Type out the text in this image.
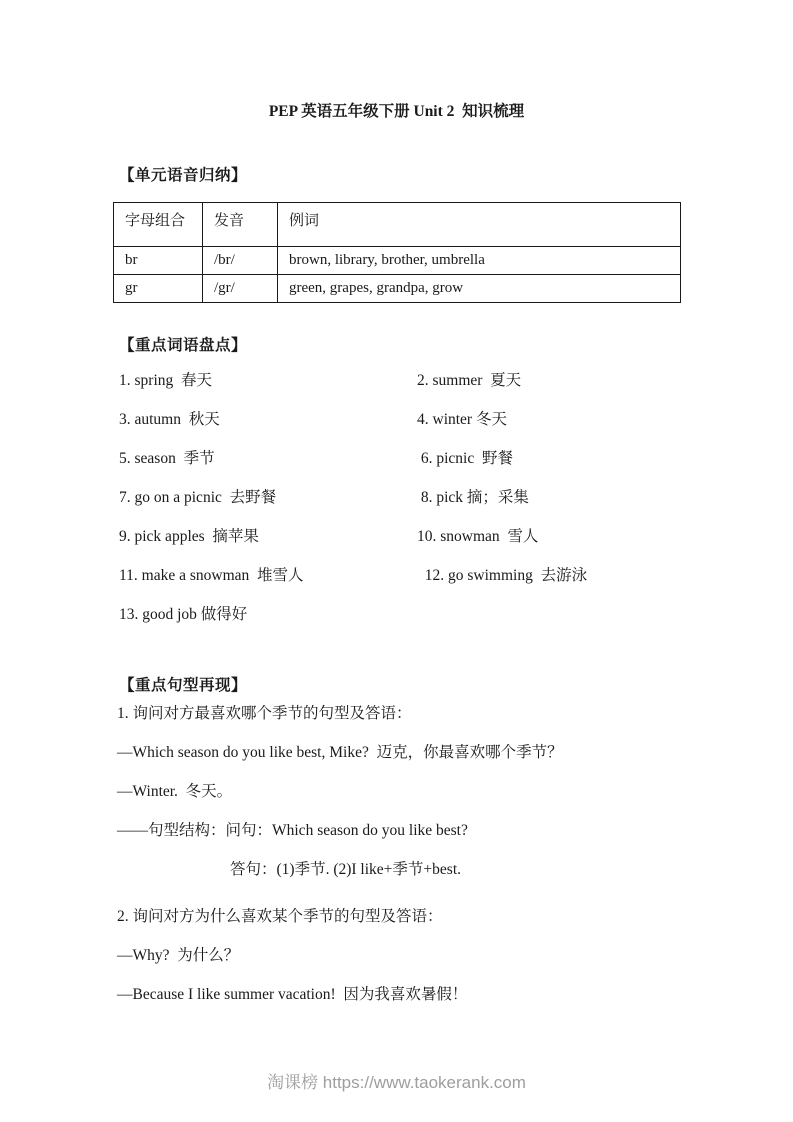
PEP 英语五年级下册 Unit 2  知识梳理
【单元语音归纳】
字母组合	发音	例词
br	/br/	brown, library, brother, umbrella
gr	/gr/	green, grapes, grandpa, grow
【重点词语盘点】
1. spring  春天	2. summer  夏天
3. autumn  秋天	4. winter 冬天
5. season  季节	6. picnic  野餐
7. go on a picnic  去野餐	8. pick 摘；采集
9. pick apples  摘苹果	10. snowman  雪人
11. make a snowman  堆雪人	12. go swimming  去游泳
13. good job 做得好
【重点句型再现】

1. 询问对方最喜欢哪个季节的句型及答语：

—Which season do you like best, Mike?  迈克，你最喜欢哪个季节？

—Winter.  冬天。

——句型结构：问句：Which season do you like best?

答句：(1)季节. (2)I like+季节+best.

2. 询问对方为什么喜欢某个季节的句型及答语：

—Why?  为什么？

—Because I like summer vacation!  因为我喜欢暑假！

淘课榜 https://www.taokerank.com
